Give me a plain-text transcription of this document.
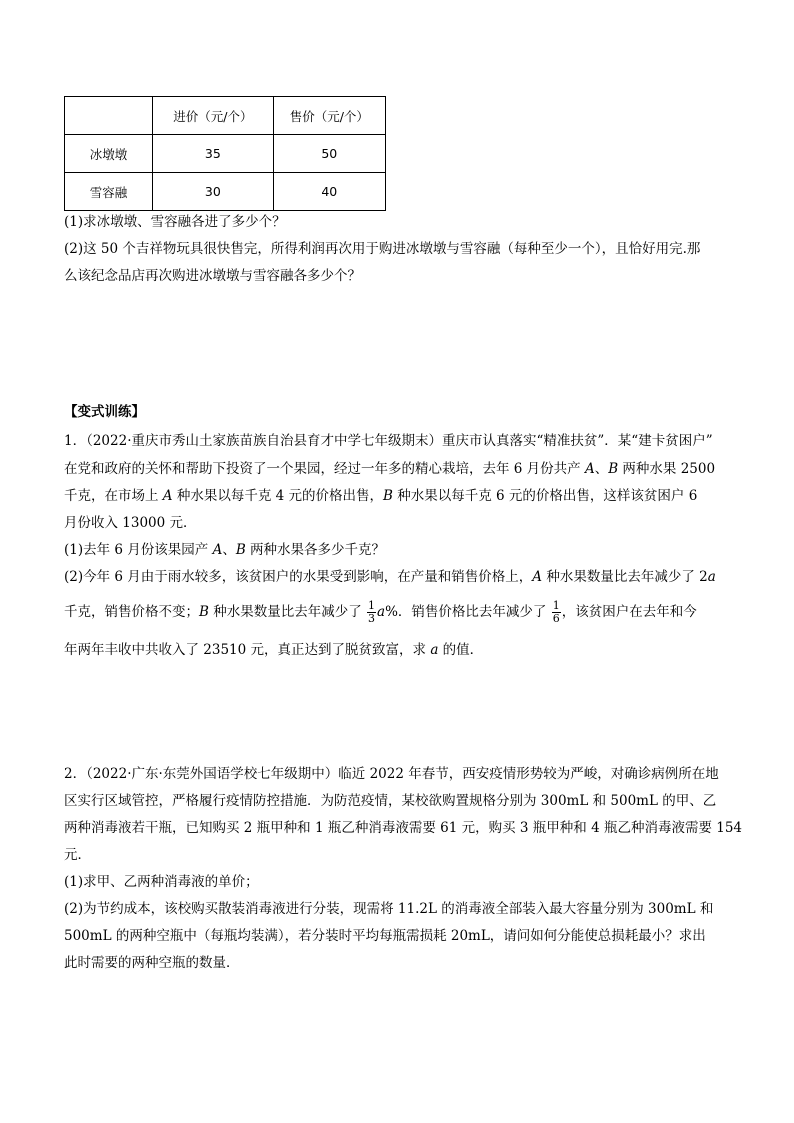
	进价（元/个）	售价（元/个）
冰墩墩	35	50
雪容融	30	40
(1)求冰墩墩、雪容融各进了多少个？
(2)这 50 个吉祥物玩具很快售完，所得利润再次用于购进冰墩墩与雪容融（每种至少一个），且恰好用完.那
么该纪念品店再次购进冰墩墩与雪容融各多少个？
【变式训练】
1．（2022·重庆市秀山土家族苗族自治县育才中学七年级期末）重庆市认真落实“精准扶贫”．某“建卡贫困户”
在党和政府的关怀和帮助下投资了一个果园，经过一年多的精心栽培，去年 6 月份共产 A、B 两种水果 2500
千克，在市场上 A 种水果以每千克 4 元的价格出售，B 种水果以每千克 6 元的价格出售，这样该贫困户 6
月份收入 13000 元．
(1)去年 6 月份该果园产 A、B 两种水果各多少千克？
(2)今年 6 月由于雨水较多，该贫困户的水果受到影响，在产量和销售价格上，A 种水果数量比去年减少了 2a
千克，销售价格不变；B 种水果数量比去年减少了 $\frac{1}{3} a\%$．销售价格比去年减少了 $\frac{1}{6}$ ，该贫困户在去年和今
年两年丰收中共收入了 23510 元，真正达到了脱贫致富，求 a 的值．
2．（2022·广东·东莞外国语学校七年级期中）临近 2022 年春节，西安疫情形势较为严峻，对确诊病例所在地
区实行区域管控，严格履行疫情防控措施．为防范疫情，某校欲购置规格分别为 300mL 和 500mL 的甲、乙
两种消毒液若干瓶，已知购买 2 瓶甲种和 1 瓶乙种消毒液需要 61 元，购买 3 瓶甲种和 4 瓶乙种消毒液需要 154
元．
(1)求甲、乙两种消毒液的单价；
(2)为节约成本，该校购买散装消毒液进行分装，现需将 11.2L 的消毒液全部装入最大容量分别为 300mL 和
500mL 的两种空瓶中（每瓶均装满），若分装时平均每瓶需损耗 20mL，请问如何分能使总损耗最小？求出
此时需要的两种空瓶的数量．
